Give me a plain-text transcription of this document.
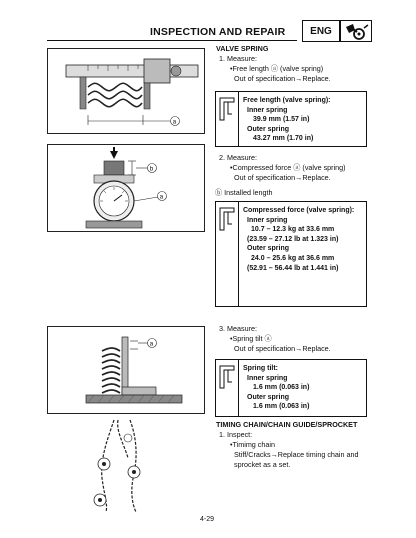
INSPECTION AND REPAIR	ENG
a
b
a
a
VALVE SPRING
1. Measure:
•Free length ⓐ (valve spring)
Out of specification→Replace.
Free length (valve spring):
Inner spring
39.9 mm (1.57 in)
Outer spring
43.27 mm (1.70 in)
2. Measure:
•Compressed force ⓐ (valve spring)
Out of specification→Replace.
ⓑ Installed length
Compressed force (valve spring):
Inner spring
10.7 – 12.3 kg at 33.6 mm
(23.59 – 27.12 lb at 1.323 in)
Outer spring
24.0 – 25.6 kg at 36.6 mm
(52.91 – 56.44 lb at 1.441 in)
3. Measure:
•Spring tilt ⓐ
Out of specification→Replace.
Spring tilt:
Inner spring
1.6 mm (0.063 in)
Outer spring
1.6 mm (0.063 in)
TIMING CHAIN/CHAIN GUIDE/SPROCKET
1. Inspect:
•Timimg chain
Stiff/Cracks→Replace timing chain and
sprocket as a set.
4-29
